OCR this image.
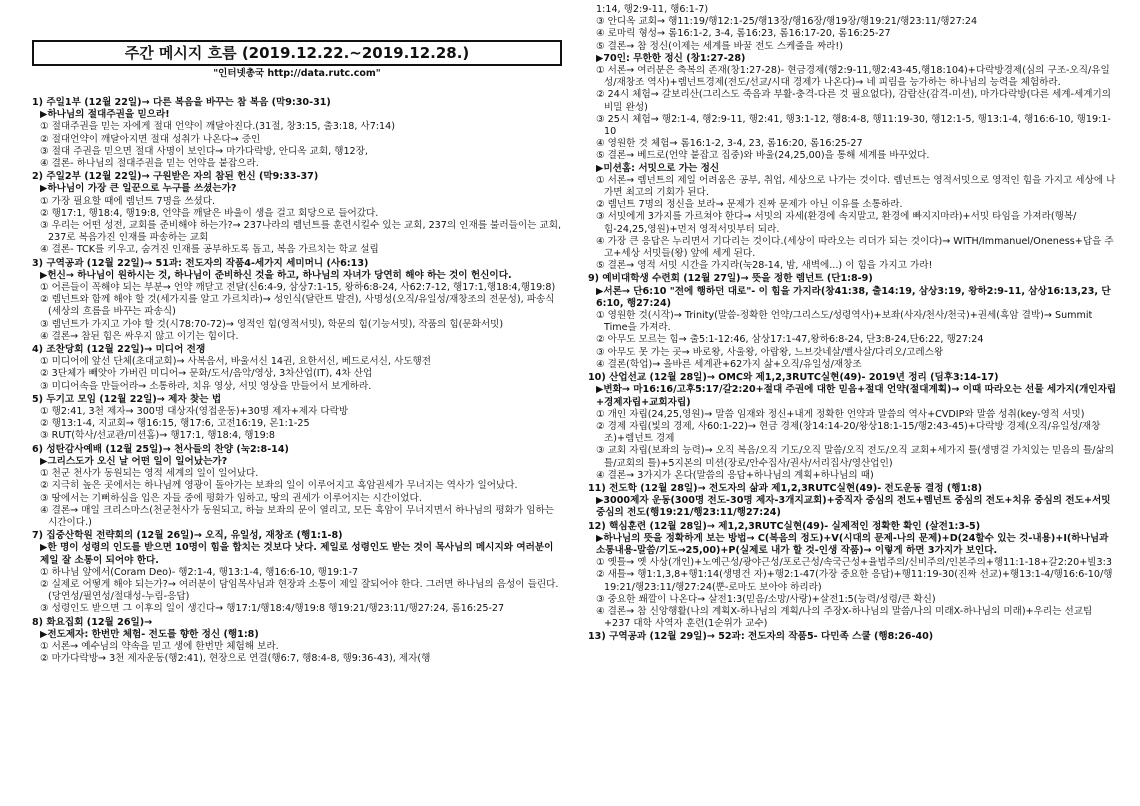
주간 메시지 흐름 (2019.12.22.~2019.12.28.)
"인터넷총국 http://data.rutc.com"
1) 주일1부 (12월 22일)→ 다른 복음을 바꾸는 참 복음 (막9:30-31)
▶하나님의 절대주권을 믿으라!
① 절대주권을 믿는 자에게 절대 언약이 깨달아진다.(31절, 창3:15, 출3:18, 사7:14)
② 절대언약이 깨달아지면 절대 성취가 나온다→ 증인
③ 절대 주권을 믿으면 절대 사명이 보인다→ 마가다락방, 안디옥 교회, 행12장,
④ 결론- 하나님의 절대주권을 믿는 언약을 붙잡으라.
2) 주일2부 (12월 22일)→ 구원받은 자의 참된 헌신 (막9:33-37)
▶하나님이 가장 큰 일꾼으로 누구를 쓰셨는가?
① 가장 필요할 때에 렘넌트 7명을 쓰셨다.
② 행17:1, 행18:4, 행19:8, 언약을 깨달은 바울이 생을 걸고 회당으로 들어갔다.
③ 우리는 어떤 성전, 교회를 준비해야 하는가?→ 237나라의 렘넌트를 훈련시킬수 있는 교회, 237의 인재를 불러들이는 교회, 237로 복음가진 인재를 파송하는 교회
④ 결론- TCK를 키우고, 숨겨진 인재를 공부하도록 돕고, 복음 가르치는 학교 설립
3) 구역공과 (12월 22일)→ 51과: 전도자의 작품4-세가지 세미머니 (사6:13)
▶헌신→ 하나님이 원하시는 것, 하나님이 준비하신 것을 하고, 하나님의 자녀가 당연히 해야 하는 것이 헌신이다.
① 어른들이 꼭해야 되는 부분→ 언약 깨닫고 전달(신6:4-9, 삼상7:1-15, 왕하6:8-24, 사62:7-12, 행17:1,행18:4,행19:8)
② 렘넌트와 함께 해야 할 것(세가지를 알고 가르치라)→ 성인식(달란트 발견), 사명성(오직/유일성/재창조의 전문성), 파송식(세상의 흐름을 바꾸는 파송식)
③ 렘넌트가 가지고 가야 할 것(시78:70-72)→ 영적인 힘(영적서밋), 학문의 힘(기능서밋), 작품의 힘(문화서밋)
④ 결론→ 참된 힘은 싸우지 않고 이기는 힘이다.
4) 조찬당회 (12월 22일)→ 미디어 전쟁
① 미디어에 앞선 단체(초대교회)→ 사복음서, 바울서신 14권, 요한서신, 베드로서신, 사도행전
② 3단체가 빼앗아 가버린 미디어→ 문화/도서/음악/영상, 3차산업(IT), 4차 산업
③ 미디어속을 만들어라→ 소통하라, 치유 영상, 서밋 영상을 만들어서 보게하라.
5) 두기고 모임 (12월 22일)→ 제자 찾는 법
① 행2:41, 3천 제자→ 300명 대상자(영접운동)+30명 제자+제자 다락방
② 행13:1-4, 지교회→ 행16:15, 행17:6, 고전16:19, 몬1:1-25
③ RUT(학사/선교관/미션홈)→ 행17:1, 행18:4, 행19:8
6) 성탄감사예배 (12월 25일)→ 천사들의 찬양 (눅2:8-14)
▶그리스도가 오신 날 어떤 일이 일어났는가?
① 천군 천사가 동원되는 영적 세계의 일이 일어났다.
② 지극히 높은 곳에서는 하나님께 영광이 돌아가는 보좌의 일이 이루어지고 흑암권세가 무너지는 역사가 일어났다.
③ 땅에서는 기뻐하심을 입은 자들 중에 평화가 임하고, 땅의 권세가 이루어지는 시간이었다.
④ 결론→ 매일 크리스마스(천군천사가 동원되고, 하늘 보좌의 문이 열리고, 모든 흑암이 무너지면서 하나님의 평화가 임하는 시간이다.)
7) 집중산학원 전략회의 (12월 26일)→ 오직, 유일성, 재창조 (행1:1-8)
▶한 명이 성령의 인도를 받으면 10명이 힘을 합치는 것보다 낫다. 제일로 성령인도 받는 것이 목사님의 메시지와 여러분이 제일 잘 소통이 되어야 한다.
① 하나님 앞에서(Coram Deo)- 행2:1-4, 행13:1-4, 행16:6-10, 행19:1-7
② 실제로 어떻게 해야 되는가?→ 여러분이 담임목사님과 현장과 소통이 제일 잘되어야 한다. 그러면 하나님의 음성이 들린다.(당연성/필연성/절대성-누림-응답)
③ 성령인도 받으면 그 이후의 일이 생긴다→ 행17:1/행18:4/행19:8 행19:21/행23:11/행27:24, 롬16:25-27
8) 화요집회 (12월 26일)→
▶전도제자: 한번만 체험- 전도를 향한 정신 (행1:8)
① 서론→ 예수님의 약속을 믿고 생에 한번만 체험해 보라.
② 마가다락방→ 3천 제자운동(행2:41), 현장으로 연결(행6:7, 행8:4-8, 행9:36-43), 제자(행
1:14, 행2:9-11, 행6:1-7)
③ 안디옥 교회→ 행11:19/행12:1-25/행13장/행16장/행19장/행19:21/행23:11/행27:24
④ 로마릭 형성→ 롬16:1-2, 3-4, 롬16:23, 롬16:17-20, 롬16:25-27
⑤ 결론→ 참 정신(이제는 세계를 바꿀 전도 스케줄을 짜라!)
▶70인: 무한한 정신 (창1:27-28)
① 서론→ 여러분은 축복의 존재(창1:27-28)- 현금경제(행2:9-11,행2:43-45,행18:104)+다락방경제(심의 구조-오직/유일성/재창조 역사)+렘넌트경제(전도/선교/시대 경제가 나온다)→ 네 피림을 능가하는 하나님의 능력을 체험하라.
② 24시 체험→ 갈보리산(그리스도 죽음과 부활-충격-다른 것 필요없다), 감람산(감격-미션), 마가다락방(다른 세계-세계기의 비밀 완성)
③ 25시 체험→ 행2:1-4, 행2:9-11, 행2:41, 행3:1-12, 행8:4-8, 행11:19-30, 행12:1-5, 행13:1-4, 행16:6-10, 행19:1-10
④ 영원한 것 체험→ 롬16:1-2, 3-4, 23, 롬16:20, 롬16:25-27
⑤ 결론→ 베드로(언약 붙잡고 집중)와 바울(24,25,00)을 통해 세계를 바꾸었다.
▶미션홈: 서밋으로 가는 정신
① 서론→ 렘넌트의 제일 어려움은 공부, 취업, 세상으로 나가는 것이다. 렘넌트는 영적서밋으로 영적인 힘을 가지고 세상에 나가면 최고의 기회가 된다.
② 렘넌트 7명의 정신을 보라→ 문제가 진짜 문제가 아닌 이유를 소통하라.
③ 서밋에게 3가지를 가르쳐야 한다→ 서밋의 자세(환경에 속지말고, 환경에 빠지지마라)+서밋 타임을 가져라(행복/힘-24,25,영원)+먼저 영적서밋부터 되라.
④ 가장 큰 응답은 누리면서 기다리는 것이다.(세상이 따라오는 리더가 되는 것이다)→ WITH/Immanuel/Oneness+답을 주고+세상 서밋들(왕) 앞에 세게 된다.
⑤ 결론→ 영적 서밋 시간을 가지라(눅28-14, 밤, 새벽에...) 이 힘을 가지고 가라!
9) 예비대학생 수련회 (12월 27일)→ 뜻을 정한 렘넌트 (단1:8-9)
▶서론→ 단6:10 "전에 행하던 대로"- 이 힘을 가지라(창41:38, 출14:19, 삼상3:19, 왕하2:9-11, 삼상16:13,23, 단6:10, 행27:24)
① 영원한 것(시작)→ Trinity(말씀-정확한 언약/그리스도/성령역사)+보좌(사자/천사/천국)+권세(흑암 결박)→ Summit Time을 가져라.
② 아무도 모르는 힘→ 출5:1-12:46, 삼상17:1-47,왕하6:8-24, 단3:8-24,단6:22, 행27:24
③ 아무도 못 가는 곳→ 바로왕, 사울왕, 아랍왕, 느브갓네살/벨사살/다리오/고레스왕
④ 결론(학업)→ 올바른 세계관+62가지 삶+오직/유일성/재창조
10) 산업선교 (12월 28일)→ OMC와 제1,2,3RUTC실현(49)- 2019년 정리 (딤후3:14-17)
▶변화→ 마16:16/고후5:17/갈2:20+절대 주권에 대한 믿음+절대 언약(절대계획)→ 이때 따라오는 선물 세가지(개인자립+경제자립+교회자립)
① 개인 자립(24,25,영원)→ 말씀 임재와 정신+내게 정확한 언약과 말씀의 역사+CVDIP와 말씀 성취(key-영적 서밋)
② 경제 자립(빛의 경제, 사60:1-22)→ 현금 경제(창14:14-20/왕상18:1-15/행2:43-45)+다락방 경제(오직/유일성/재창조)+렘넌트 경제
③ 교회 자립(보좌의 능력)→ 오직 복음/오직 기도/오직 말씀/오직 전도/오직 교회+세가지 틀(생명걸 가치있는 믿음의 틀/삶의 틀/교회의 틀)+5지본의 미션(장로/안수집사/권사/서리집사/영산업인)
④ 결론→ 3가지가 온다(말씀의 응답+하나님의 계획+하나님의 때)
11) 전도학 (12월 28일)→ 전도자의 삶과 제1,2,3RUTC실현(49)- 전도운동 결정 (행1:8)
▶3000제자 운동(300명 전도-30명 제자-3개지교회)+중직자 중심의 전도+렘넌트 중심의 전도+치유 중심의 전도+서밋 중심의 전도(행19:21/행23:11/행27:24)
12) 핵심훈련 (12월 28일)→ 제1,2,3RUTC실현(49)- 실제적인 정확한 확인 (살전1:3-5)
▶하나님의 뜻을 정확하게 보는 방법→ C(복음의 정도)+V(시대의 문제-나의 문제)+D(24할수 있는 것-내용)+I(하나님과 소통내용-말씀/기도→25,00)+P(실제로 내가 할 것-인생 작품)→ 이렇게 하면 3가지가 보인다.
① 옛틀→ 옛 사상(개인)+노예근성/광야근성/포로근성/속국근성+율법주의/신비주의/인본주의+행11:1-18+갈2:20+빌3:3
② 새틀→ 행1:1,3,8+행1:14(생명건 자)+행2:1-47(가장 중요한 응답)+행11:19-30(진짜 선교)+행13:1-4/행16:6-10/행19:21/행23:11/행27:24(뿐-로마도 보아야 하리라)
③ 중요한 쐐깔이 나온다→ 살전1:3(믿음/소망/사랑)+살전1:5(능력/성령/큰 확신)
④ 결론→ 참 신앙행활(나의 계획X-하나님의 계획/나의 주장X-하나님의 말씀/나의 미래X-하나님의 미래)+우리는 선교팀+237 대학 사역자 훈련(1순위가 교수)
13) 구역공과 (12월 29일)→ 52과: 전도자의 작품5- 다민족 스쿨 (행8:26-40)
